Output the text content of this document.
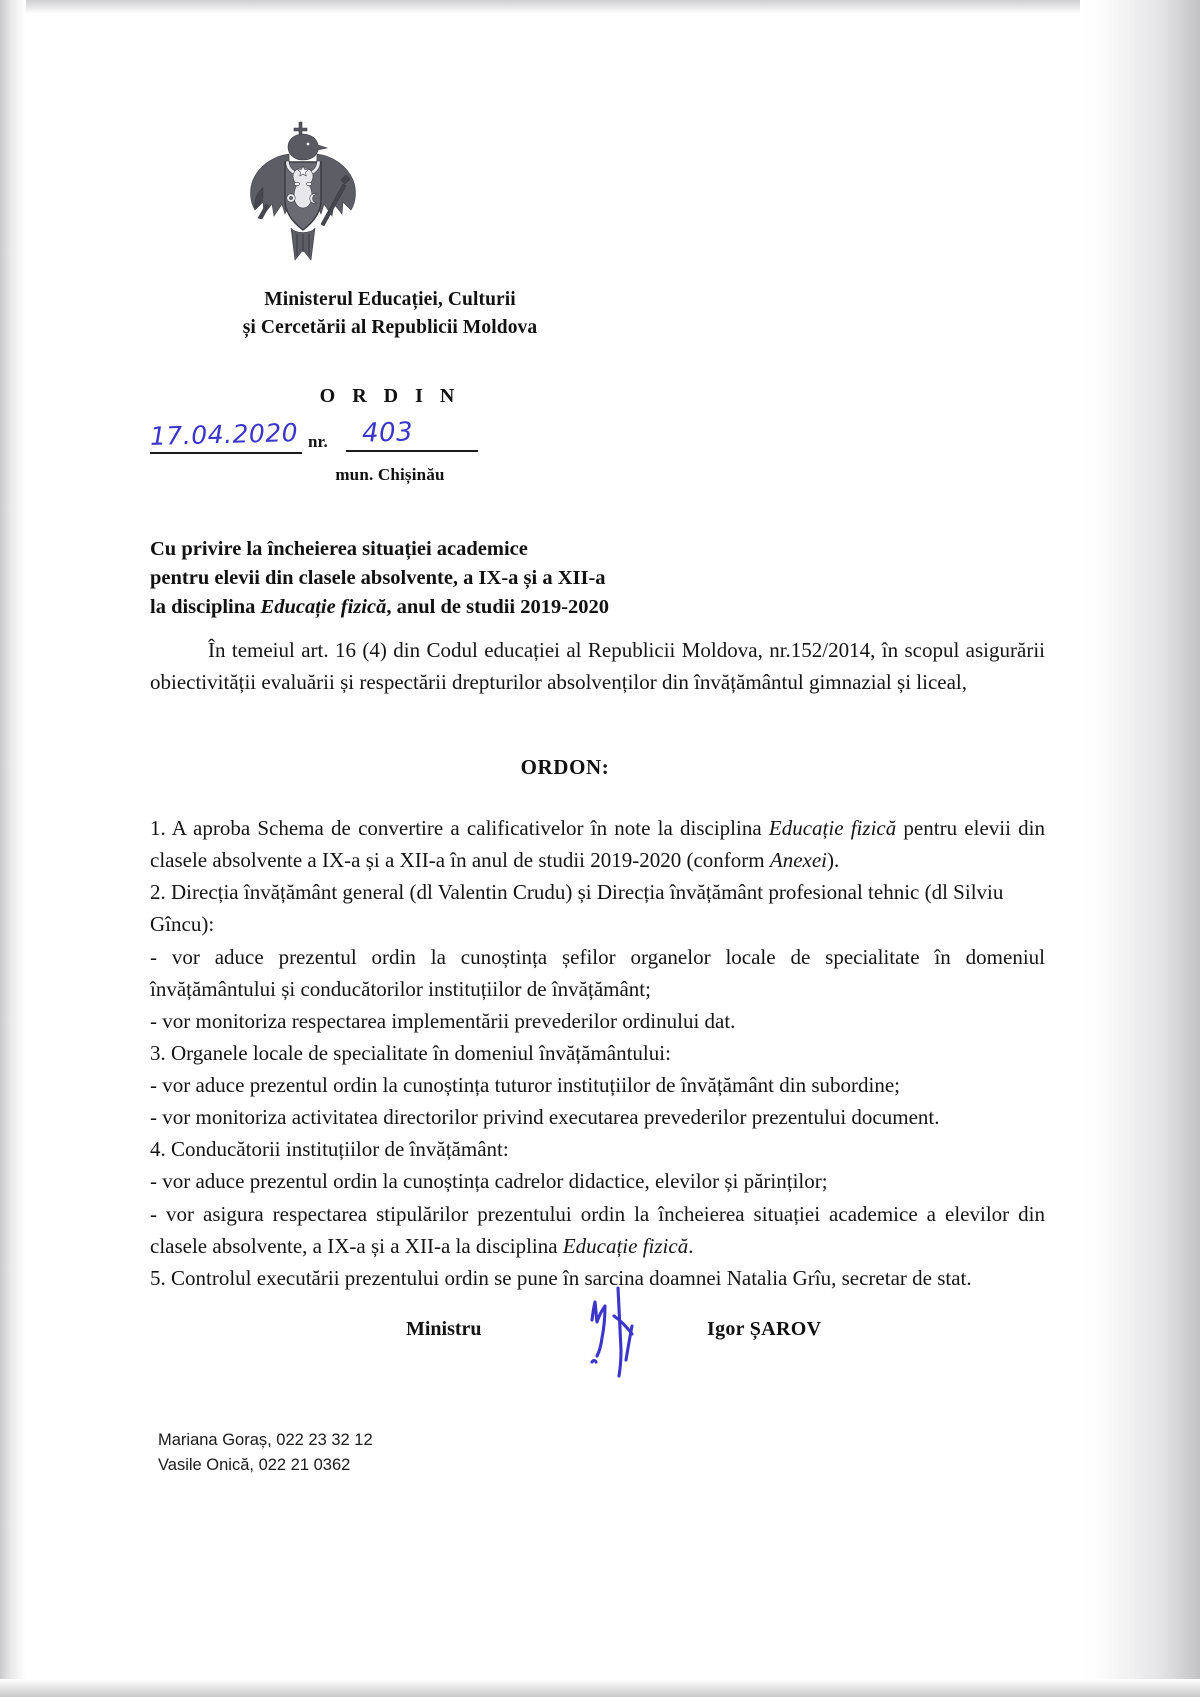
Ministerul Educației, Culturii
și Cercetării al Republicii Moldova
O R D I N
17.04.2020 nr. 403
mun. Chișinău
Cu privire la încheierea situației academice
pentru elevii din clasele absolvente, a IX-a și a XII-a
la disciplina Educație fizică, anul de studii 2019-2020
În temeiul art. 16 (4) din Codul educației al Republicii Moldova, nr.152/2014, în scopul asigurării obiectivității evaluării și respectării drepturilor absolvenților din învățământul gimnazial și liceal,
ORDON:

1. A aproba Schema de convertire a calificativelor în note la disciplina Educație fizică pentru elevii din clasele absolvente a IX-a și a XII-a în anul de studii 2019-2020 (conform Anexei).

2. Direcția învățământ general (dl Valentin Crudu) și Direcția învățământ profesional tehnic (dl Silviu Gîncu):

- vor aduce prezentul ordin la cunoștința șefilor organelor locale de specialitate în domeniul învățământului și conducătorilor instituțiilor de învățământ;

- vor monitoriza respectarea implementării prevederilor ordinului dat.

3. Organele locale de specialitate în domeniul învățământului:

- vor aduce prezentul ordin la cunoștința tuturor instituțiilor de învățământ din subordine;

- vor monitoriza activitatea directorilor privind executarea prevederilor prezentului document.

4. Conducătorii instituțiilor de învățământ:

- vor aduce prezentul ordin la cunoștința cadrelor didactice, elevilor și părinților;

- vor asigura respectarea stipulărilor prezentului ordin la încheierea situației academice a elevilor din clasele absolvente, a IX-a și a XII-a la disciplina Educație fizică.

5. Controlul executării prezentului ordin se pune în sarcina doamnei Natalia Grîu, secretar de stat.

Ministru	Igor ȘAROV
Mariana Goraș, 022 23 32 12
Vasile Onică, 022 21 0362
